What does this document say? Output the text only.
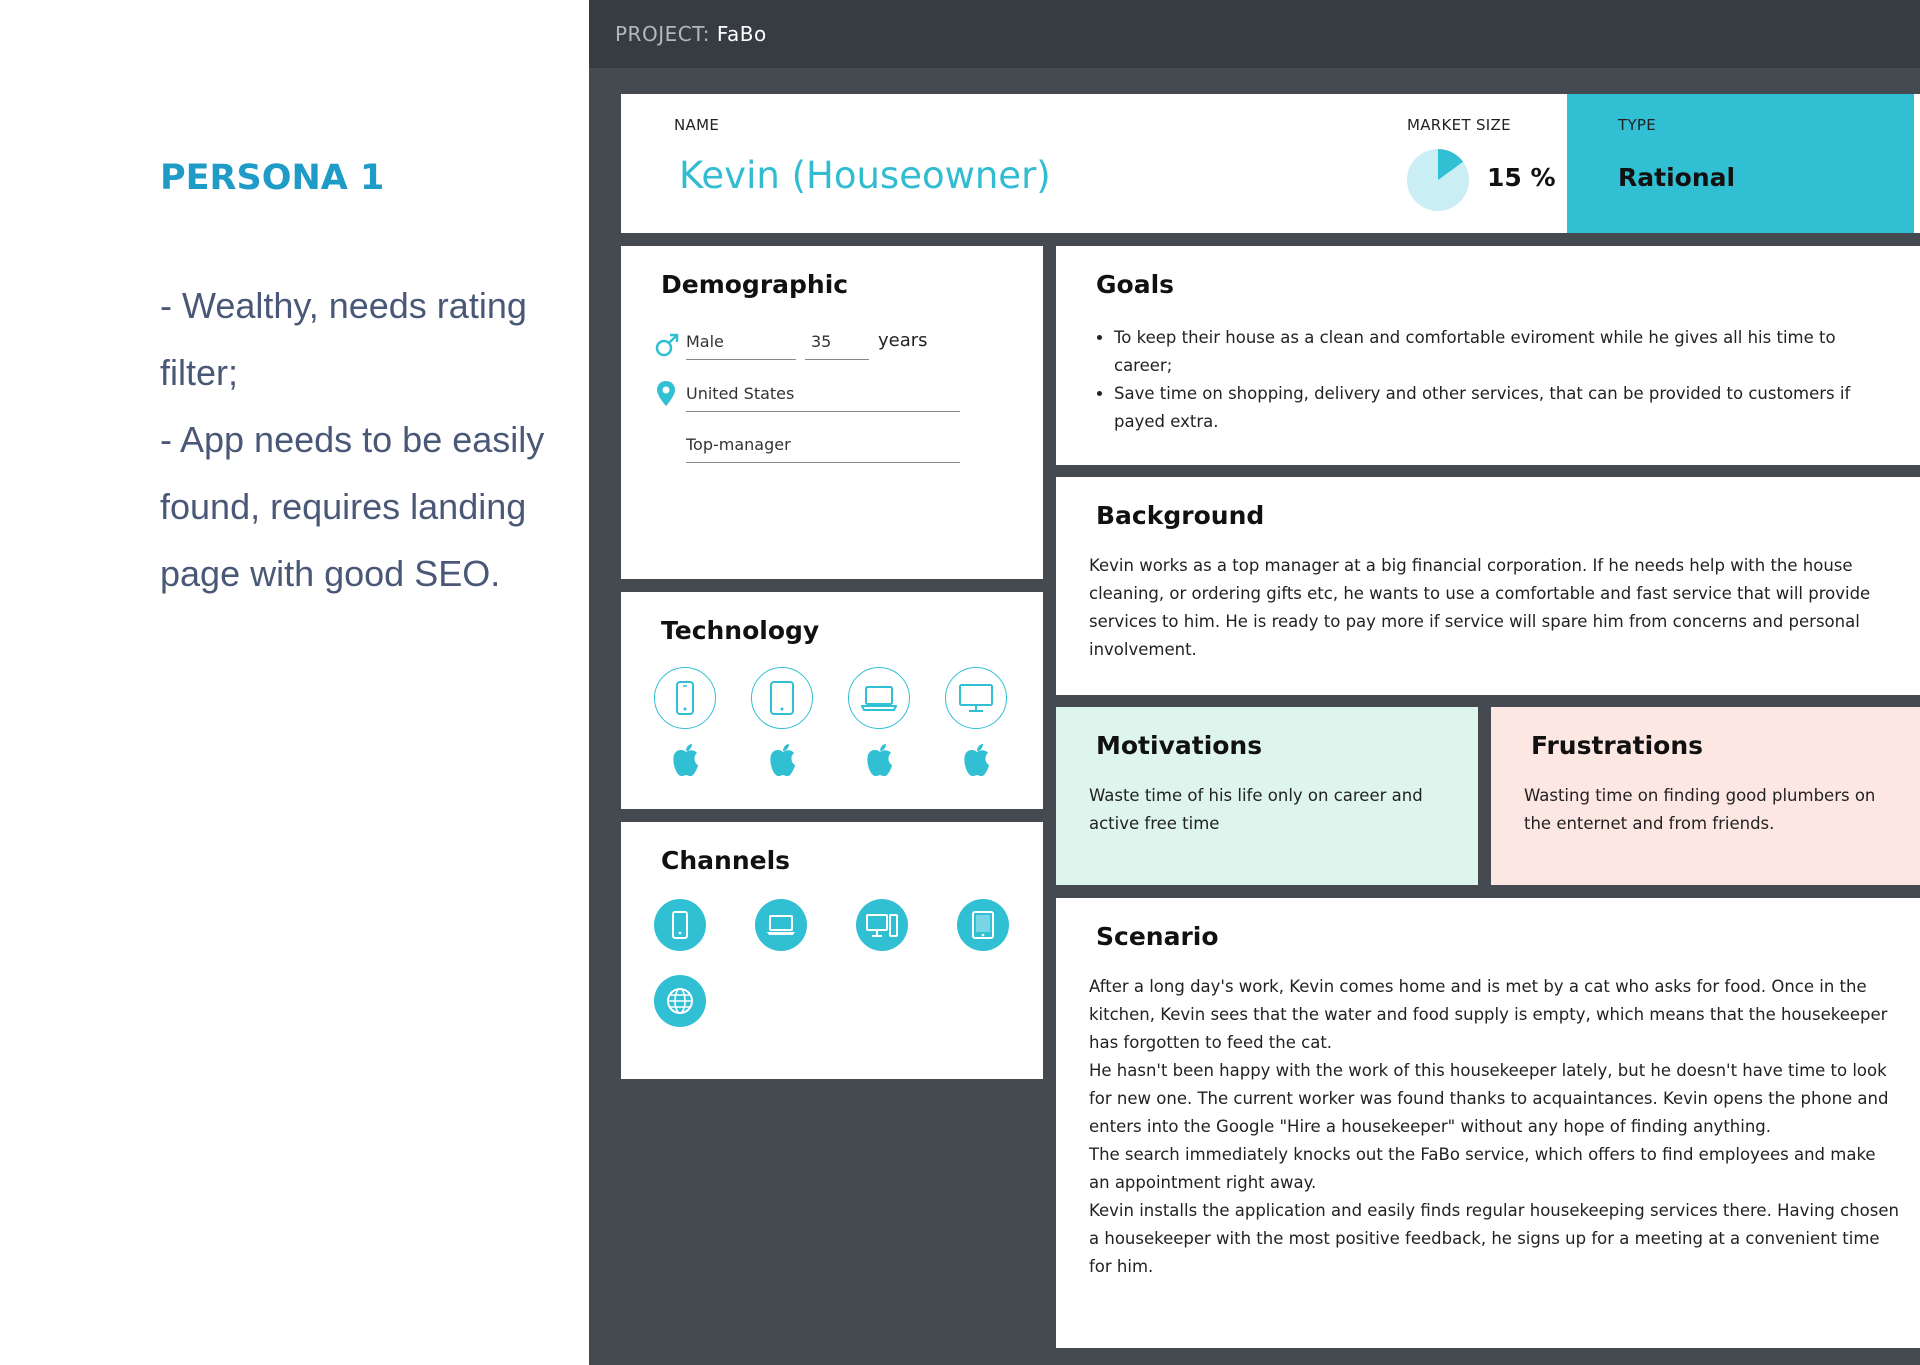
PERSONA 1

- Wealthy, needs rating filter;

- App needs to be easily found, requires landing page with good SEO.

PROJECT: FaBo
NAME
Kevin (Houseowner)
MARKET SIZE
15 %
TYPE
Rational
Demographic
Male	35	years
United States
Top-manager
Technology
Channels
Goals
• To keep their house as a clean and comfortable eviroment while he gives all his time to career;
• Save time on shopping, delivery and other services, that can be provided to customers if payed extra.
Background
Kevin works as a top manager at a big financial corporation. If he needs help with the house cleaning, or ordering gifts etc, he wants to use a comfortable and fast service that will provide services to him. He is ready to pay more if service will spare him from concerns and personal involvement.
Motivations
Waste time of his life only on career and active free time
Frustrations
Wasting time on finding good plumbers on the enternet and from friends.
Scenario

After a long day's work, Kevin comes home and is met by a cat who asks for food. Once in the kitchen, Kevin sees that the water and food supply is empty, which means that the housekeeper has forgotten to feed the cat.

He hasn't been happy with the work of this housekeeper lately, but he doesn't have time to look for new one. The current worker was found thanks to acquaintances. Kevin opens the phone and enters into the Google "Hire a housekeeper" without any hope of finding anything.

The search immediately knocks out the FaBo service, which offers to find employees and make an appointment right away.

Kevin installs the application and easily finds regular housekeeping services there. Having chosen a housekeeper with the most positive feedback, he signs up for a meeting at a convenient time for him.
